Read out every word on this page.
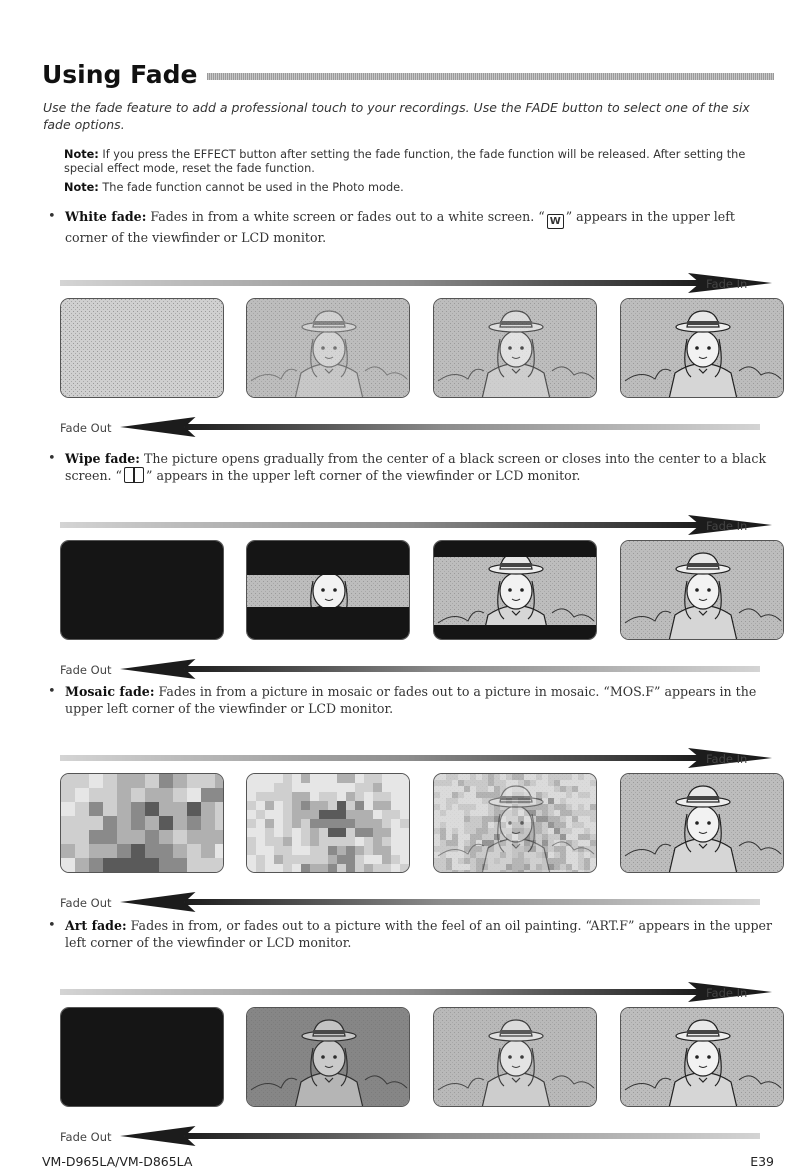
Using Fade

Use the fade feature to add a professional touch to your recordings. Use the FADE button to select one of the six fade options.

Note: If you press the EFFECT button after setting the fade function, the fade function will be released. After setting the special effect mode, reset the fade function.

Note: The fade function cannot be used in the Photo mode.

• White fade: Fades in from a white screen or fades out to a white screen. “ W ” appears in the upper left corner of the viewfinder or LCD monitor.
Fade In
Fade Out
• Wipe fade: The picture opens gradually from the center of a black screen or closes into the center to a black screen. “ ” appears in the upper left corner of the viewfinder or LCD monitor.
Fade In
Fade Out
• Mosaic fade: Fades in from a picture in mosaic or fades out to a picture in mosaic. “MOS.F” appears in the upper left corner of the viewfinder or LCD monitor.
Fade In
Fade Out
• Art fade: Fades in from, or fades out to a picture with the feel of an oil painting. “ART.F” appears in the upper left corner of the viewfinder or LCD monitor.
Fade In
Fade Out
VM-D965LA/VM-D865LA	E39
